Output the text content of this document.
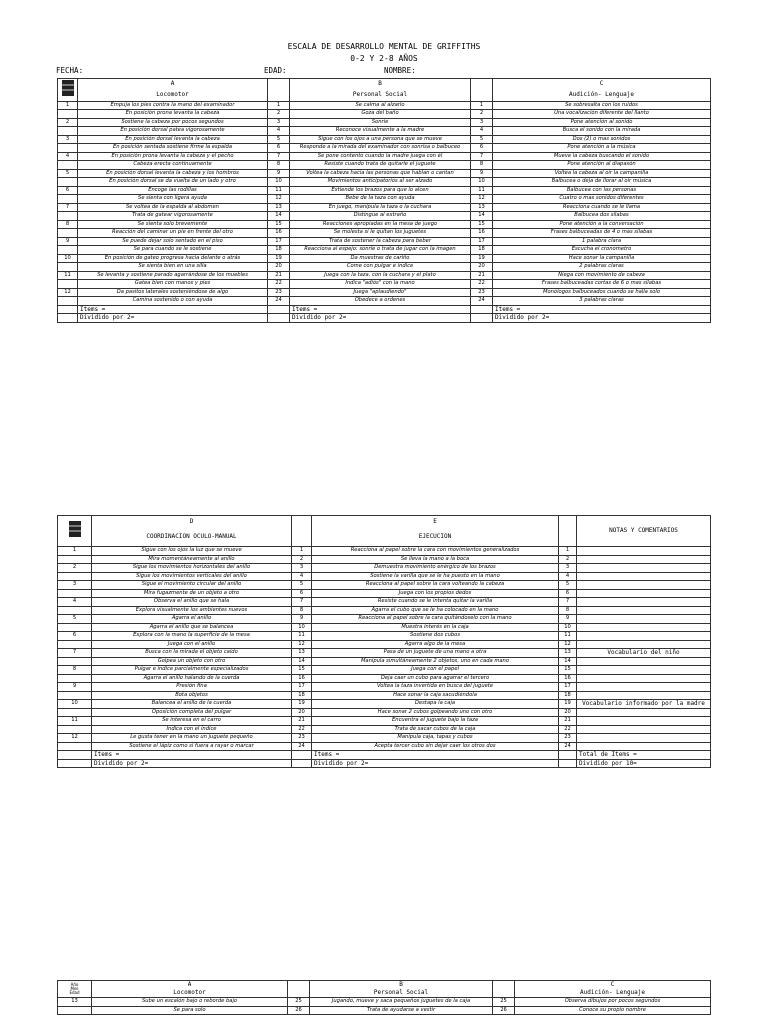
ESCALA DE DESARROLLO MENTAL DE GRIFFITHS
0-2 Y 2-8 AÑOS
FECHA:	EDAD:	NOMBRE:
	A		B		C
	Locomotor		Personal Social		Audición- Lenguaje
1	Empuja los pies contra la mano del examinador	1	Se calma al alzarlo	1	Se sobresalta con los ruidos
	En posición prona levanta la cabeza	2	Goza del baño	2	Una vocalización diferente del llanto
2	Sostiene la cabeza por pocos segundos	3	Sonríe	3	Pone atención al sonido
	En posición dorsal patea vigorosamente	4	Reconoce visualmente a la madre	4	Busca el sonido con la mirada
3	En posición dorsal levanta la cabeza	5	Sigue con los ojos a una persona que se mueve	5	Dos (2) o mas sonidos
	En posición sentada sostiene firme la espalda	6	Responde a la mirada del examinador con sonrisa o balbuceo	6	Pone atención a la música
4	En posición prona levanta la cabeza y el pecho	7	Se pone contento cuando la madre juega con él	7	Mueve la cabeza buscando el sonido
	Cabeza erecta continuamente	8	Resiste cuando trata de quitarle el juguete	8	Pone atención al diapasón
5	En posición dorsal levanta la cabeza y los hombros	9	Voltea la cabeza hacia las personas que hablan o cantan	9	Voltea la cabeza al oír la campanilla
	En posición dorsal se da vuelta de un lado y otro	10	Movimientos anticipatorios al ser alzado	10	Balbucea o deja de llorar al oír música
6	Encoge las rodillas	11	Extiende los brazos para que lo alcen	11	Balbucea con las personas
	Se sienta con ligera ayuda	12	Bebe de la taza con ayuda	12	Cuatro o mas sonidos diferentes
7	Se voltea de la espalda al abdomen	13	En juego, manipula la taza o la cuchara	13	Reacciona cuando se le llama
	Trata de gatear vigorosamente	14	Distingue al extraño	14	Balbucea dos sílabas
8	Se sienta solo brevemente	15	Reacciones apropiadas en la mesa de juego	15	Pone atención a la conversación
	Reacción del caminar un pie en frente del otro	16	Se molesta si le quitan los juguetes	16	Frases balbuceadas de 4 o mas sílabas
9	Se puede dejar solo sentado en el piso	17	Trata de sostener la cabeza para beber	17	1 palabra clara
	Se para cuando se le sostiene	18	Reacciona al espejo: sonríe o trata de jugar con la imagen	18	Escucha el cronometro
10	En posición de gateo progresa hacia delante o atrás	19	Da muestras de cariño	19	Hace sonar la campanilla
	Se sienta bien en una silla	20	Come con pulgar e índice	20	2 palabras claras
11	Se levanta y sostiene parado agarrándose de los muebles	21	Juega con la taza, con la cuchara y el plato	21	Niega con movimiento de cabeza
	Gatea bien con manos y pies	22	Indica "adiós" con la mano	22	Frases balbuceadas cortas de 6 o mas sílabas
12	Da pasitos laterales sosteniéndose de algo	23	Juega "aplaudiendo"	23	Monólogos balbuceados cuando se halla solo
	Camina sostenido o con ayuda	24	Obedece a ordenes	24	3 palabras claras
	Ítems =		Ítems =		Ítems =
	Dividido por 2=		Dividido por 2=		Dividido por 2=
	D		E		NOTAS Y COMENTARIOS
	COORDINACION OCULO-MANUAL		EJECUCION		
1	Sigue con los ojos la luz que se mueve	1	Reacciona al papel sobre la cara con movimientos generalizados	1	
	Mira momentáneamente al anillo	2	Se lleva la mano a la boca	2	
2	Sigue los movimientos horizontales del anillo	3	Demuestra movimiento enérgico de los brazos	3	
	Sigue los movimientos verticales del anillo	4	Sostiene la varilla que se le ha puesto en la mano	4	
3	Sigue el movimiento circular del anillo	5	Reacciona al papel sobre la cara volteando la cabeza	5	
	Mira fugazmente de un objeto a otro	6	Juega con los propios dedos	6	
4	Observa el anillo que se hala	7	Resiste cuando se le intenta quitar la varilla	7	
	Explora visualmente los ambientes nuevos	8	Agarra el cubo que se le ha colocado en la mano	8	
5	Agarra el anillo	9	Reacciona al papel sobre la cara quitándoselo con la mano	9	
	Agarra el anillo que se balancea	10	Muestra interés en la caja	10	
6	Explora con la mano la superficie de la mesa	11	Sostiene dos cubos	11	
	Juega con el anillo	12	Agarra algo de la mesa	12	
7	Busca con la mirada el objeto caído	13	Pasa de un juguete de una mano a otra	13	Vocabulario del niño
	Golpea un objeto con otro	14	Manipula simultáneamente 2 objetos, uno en cada mano	14	
8	Pulgar e índice parcialmente especializados	15	Juega con el papel	15	
	Agarra el anillo halando de la cuerda	16	Deja caer un cubo para agarrar el tercero	16	
9	Presión fina	17	Voltea la taza invertida en busca del juguete	17	
	Bota objetos	18	Hace sonar la caja sacudiéndola	18	
10	Balancea el anillo de la cuerda	19	Destapa la caja	19	Vocabulario informado por la madre
	Oposición completa del pulgar	20	Hace sonar 2 cubos golpeando uno con otro	20	
11	Se interesa en el carro	21	Encuentra el juguete bajo la taza	21	
	Indica con el índice	22	Trata de sacar cubos de la caja	22	
12	Le gusta tener en la mano un juguete pequeño	23	Manipula caja, tapas y cubos	23	
	Sostiene el lápiz como si fuera a rayar o marcar	24	Acepta tercer cubo sin dejar caer los otros dos	24	
	Ítems =		Ítems =		Total de Ítems =
	Dividido por 2=		Dividido por 2=		Dividido por 10=
Año
Mes
Edad	A		B		C
	Locomotor		Personal Social		Audición- Lenguaje
13	Sube un escalón bajo o reborde bajo	25	Jugando, mueve y saca pequeños juguetes de la caja	25	Observa dibujos por pocos segundos
	Se para solo	26	Trata de ayudarse a vestir	26	Conoce su propio nombre
